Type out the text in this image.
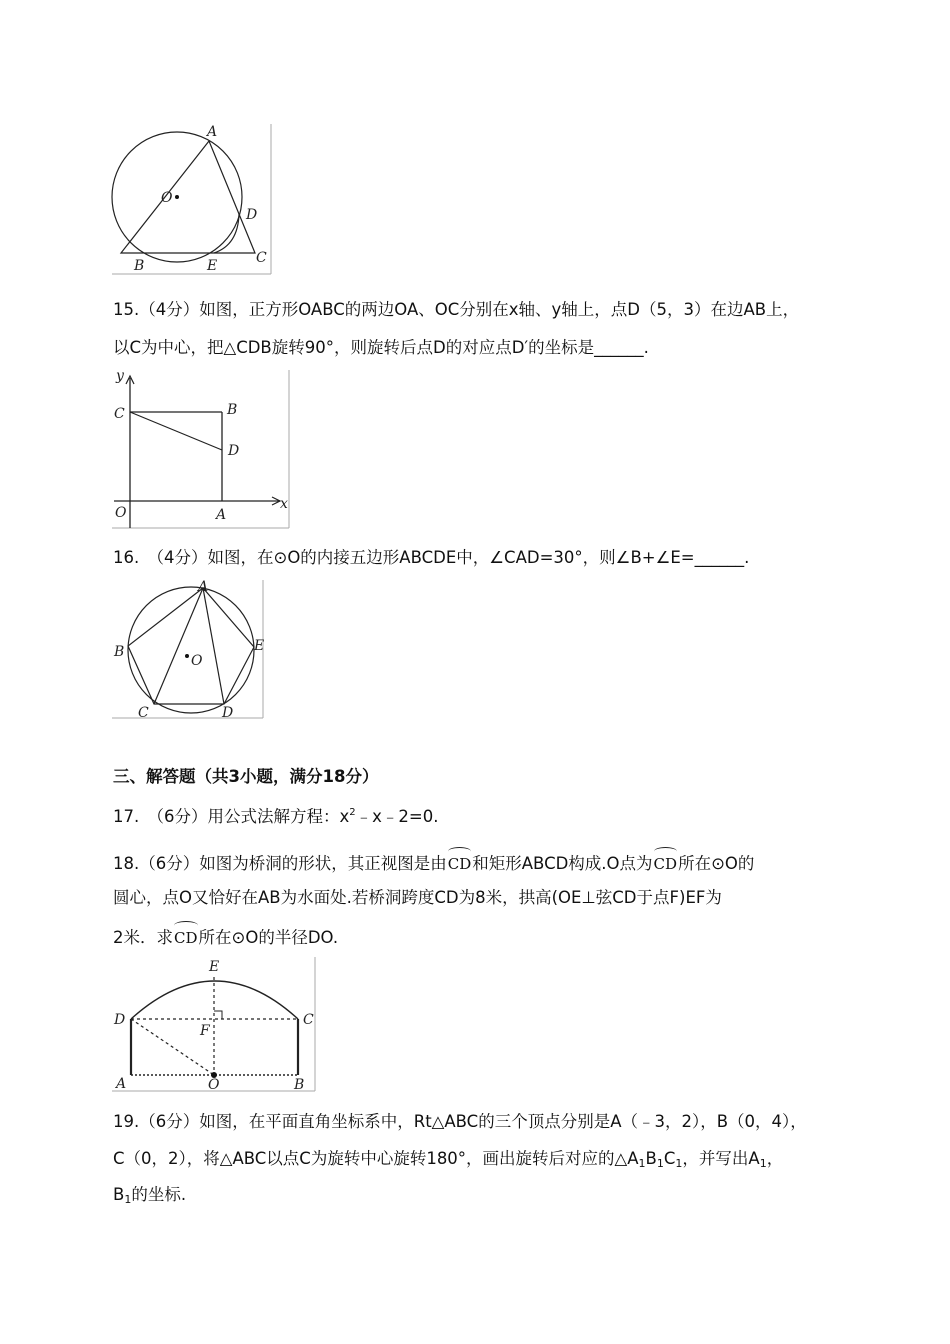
A
O
D
B	E	C
15.（4分）如图，正方形OABC的两边OA、OC分别在x轴、y轴上，点D（5，3）在边AB上，
以C为中心，把△CDB旋转90°，则旋转后点D的对应点D′的坐标是______.
y
C	B
D
O	A
x
16.　（4分）如图，在⊙O的内接五边形ABCDE中，∠CAD=30°，则∠B+∠E=______.
A
B	E
O
C	D
三、解答题（共3小题，满分18分）
17.　（6分）用公式法解方程：$x^2﹣x﹣2=0$.
18.（6分）如图为桥洞的形状，其正视图是由CD和矩形ABCD构成.O点为CD所在⊙O的
圆心，点O又恰好在AB为水面处.若桥洞跨度CD为8米，拱高(OE⊥弦CD于点F)EF为
2米．求CD所在⊙O的半径DO.
E
D	C
F
A	O	B
19.（6分）如图，在平面直角坐标系中，Rt△ABC的三个顶点分别是A（﹣3，2），B（0，4），
C（0，2），将△ABC以点C为旋转中心旋转180°，画出旋转后对应的$\triangle A_1B_1C_1$，并写出$A_1$，
$B_1$的坐标.
